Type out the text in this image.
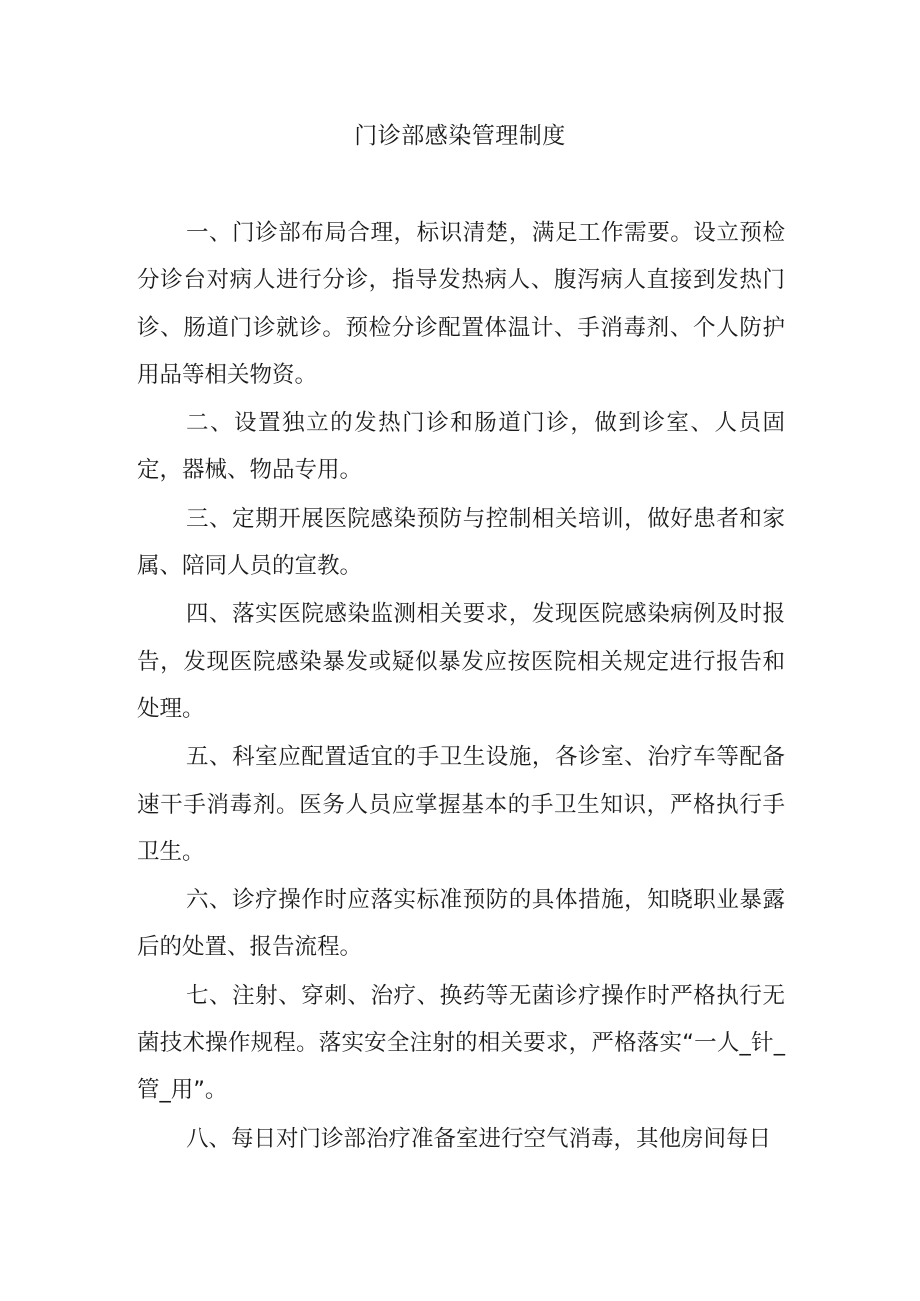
门诊部感染管理制度

一、门诊部布局合理，标识清楚，满足工作需要。设立预检分诊台对病人进行分诊，指导发热病人、腹泻病人直接到发热门诊、肠道门诊就诊。预检分诊配置体温计、手消毒剂、个人防护用品等相关物资。

二、设置独立的发热门诊和肠道门诊，做到诊室、人员固定，器械、物品专用。

三、定期开展医院感染预防与控制相关培训，做好患者和家属、陪同人员的宣教。

四、落实医院感染监测相关要求，发现医院感染病例及时报告，发现医院感染暴发或疑似暴发应按医院相关规定进行报告和处理。

五、科室应配置适宜的手卫生设施，各诊室、治疗车等配备速干手消毒剂。医务人员应掌握基本的手卫生知识，严格执行手卫生。

六、诊疗操作时应落实标准预防的具体措施，知晓职业暴露后的处置、报告流程。

七、注射、穿刺、治疗、换药等无菌诊疗操作时严格执行无菌技术操作规程。落实安全注射的相关要求，严格落实“一人_针_管_用”。

八、每日对门诊部治疗准备室进行空气消毒，其他房间每日
